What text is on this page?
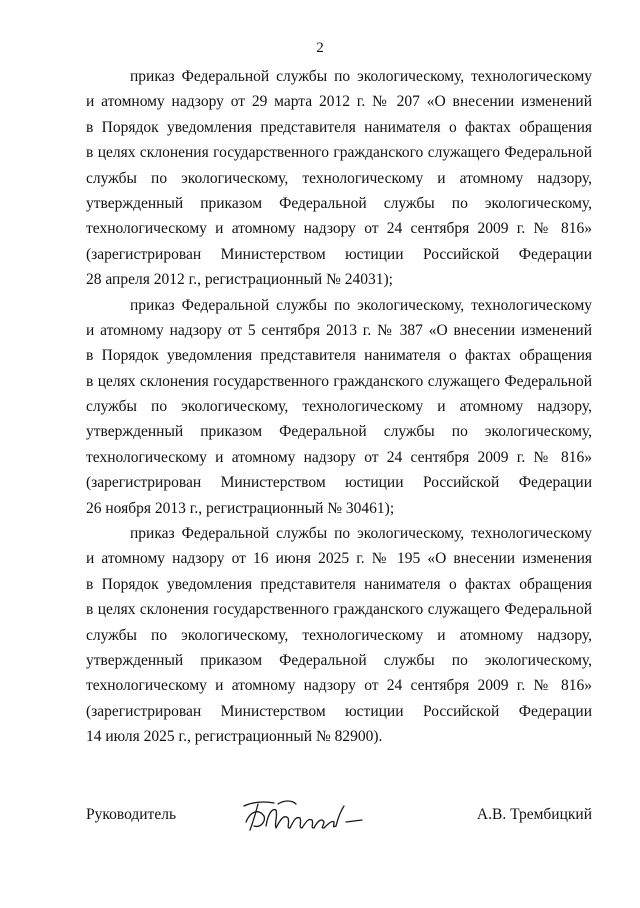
2
приказ Федеральной службы по экологическому, технологическому
и атомному надзору от 29 марта 2012 г. № 207 «О внесении изменений
в Порядок уведомления представителя нанимателя о фактах обращения
в целях склонения государственного гражданского служащего Федеральной
службы по экологическому, технологическому и атомному надзору,
утвержденный приказом Федеральной службы по экологическому,
технологическому и атомному надзору от 24 сентября 2009 г. № 816»
(зарегистрирован Министерством юстиции Российской Федерации
28 апреля 2012 г., регистрационный № 24031);
приказ Федеральной службы по экологическому, технологическому
и атомному надзору от 5 сентября 2013 г. № 387 «О внесении изменений
в Порядок уведомления представителя нанимателя о фактах обращения
в целях склонения государственного гражданского служащего Федеральной
службы по экологическому, технологическому и атомному надзору,
утвержденный приказом Федеральной службы по экологическому,
технологическому и атомному надзору от 24 сентября 2009 г. № 816»
(зарегистрирован Министерством юстиции Российской Федерации
26 ноября 2013 г., регистрационный № 30461);
приказ Федеральной службы по экологическому, технологическому
и атомному надзору от 16 июня 2025 г. № 195 «О внесении изменения
в Порядок уведомления представителя нанимателя о фактах обращения
в целях склонения государственного гражданского служащего Федеральной
службы по экологическому, технологическому и атомному надзору,
утвержденный приказом Федеральной службы по экологическому,
технологическому и атомному надзору от 24 сентября 2009 г. № 816»
(зарегистрирован Министерством юстиции Российской Федерации
14 июля 2025 г., регистрационный № 82900).
Руководитель	А.В. Трембицкий
